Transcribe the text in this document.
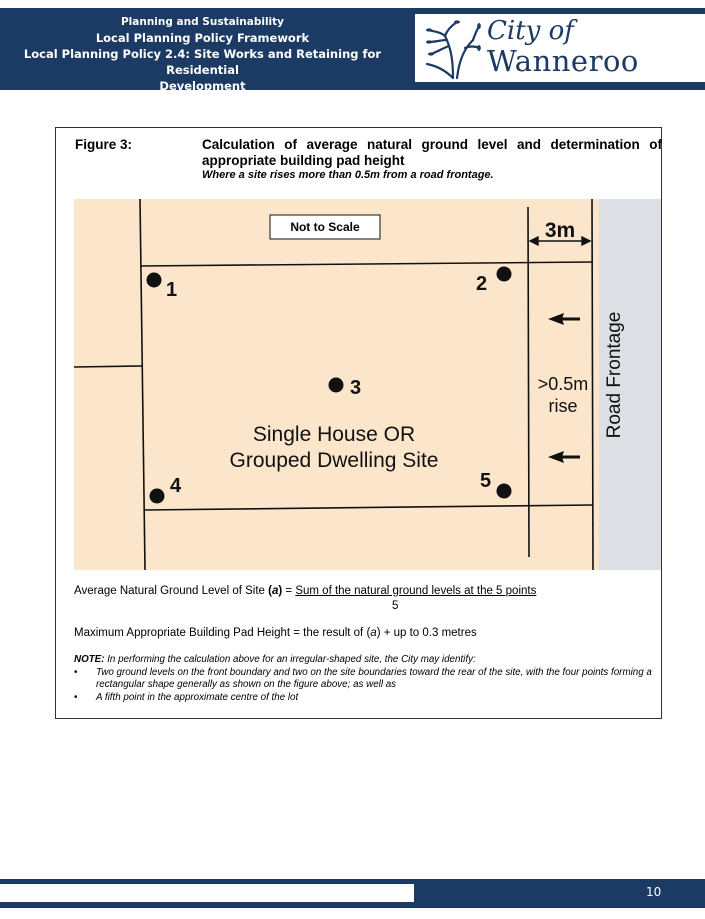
Planning and Sustainability
Local Planning Policy Framework
Local Planning Policy 2.4: Site Works and Retaining for Residential
Development
City of
Wanneroo
Figure 3:	Calculation of average natural ground level and determination of appropriate building pad height
Where a site rises more than 0.5m from a road frontage.
Not to Scale	3m
>0.5m
rise Road Frontage
Single House OR
Grouped Dwelling Site
1	2
3
4	5
Average Natural Ground Level of Site (a) = Sum of the natural ground levels at the 5 points
5
Maximum Appropriate Building Pad Height = the result of (a) + up to 0.3 metres
NOTE: In performing the calculation above for an irregular-shaped site, the City may identify:
• Two ground levels on the front boundary and two on the site boundaries toward the rear of the site, with the four points forming a rectangular shape generally as shown on the figure above; as well as
• A fifth point in the approximate centre of the lot
10
